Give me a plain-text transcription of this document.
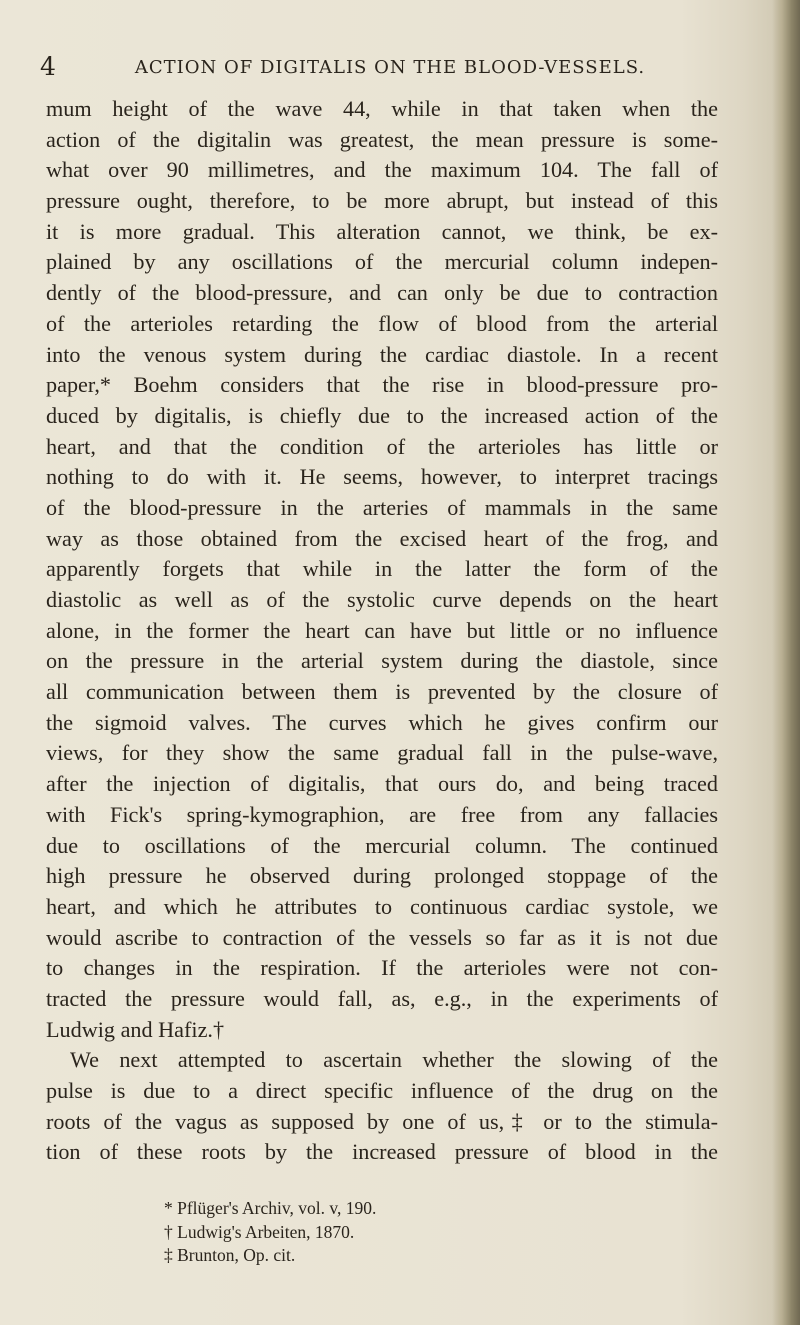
4	ACTION OF DIGITALIS ON THE BLOOD-VESSELS.
mum height of the wave 44, while in that taken when the
action of the digitalin was greatest, the mean pressure is some-
what over 90 millimetres, and the maximum 104. The fall of
pressure ought, therefore, to be more abrupt, but instead of this
it is more gradual. This alteration cannot, we think, be ex-
plained by any oscillations of the mercurial column indepen-
dently of the blood-pressure, and can only be due to contraction
of the arterioles retarding the flow of blood from the arterial
into the venous system during the cardiac diastole. In a recent
paper,* Boehm considers that the rise in blood-pressure pro-
duced by digitalis, is chiefly due to the increased action of the
heart, and that the condition of the arterioles has little or
nothing to do with it. He seems, however, to interpret tracings
of the blood-pressure in the arteries of mammals in the same
way as those obtained from the excised heart of the frog, and
apparently forgets that while in the latter the form of the
diastolic as well as of the systolic curve depends on the heart
alone, in the former the heart can have but little or no influence
on the pressure in the arterial system during the diastole, since
all communication between them is prevented by the closure of
the sigmoid valves. The curves which he gives confirm our
views, for they show the same gradual fall in the pulse-wave,
after the injection of digitalis, that ours do, and being traced
with Fick's spring-kymographion, are free from any fallacies
due to oscillations of the mercurial column. The continued
high pressure he observed during prolonged stoppage of the
heart, and which he attributes to continuous cardiac systole, we
would ascribe to contraction of the vessels so far as it is not due
to changes in the respiration. If the arterioles were not con-
tracted the pressure would fall, as, e.g., in the experiments of
Ludwig and Hafiz.†
We next attempted to ascertain whether the slowing of the
pulse is due to a direct specific influence of the drug on the
roots of the vagus as supposed by one of us,‡ or to the stimula-
tion of these roots by the increased pressure of blood in the
* Pflüger's Archiv, vol. v, 190.
† Ludwig's Arbeiten, 1870.
‡ Brunton, Op. cit.
